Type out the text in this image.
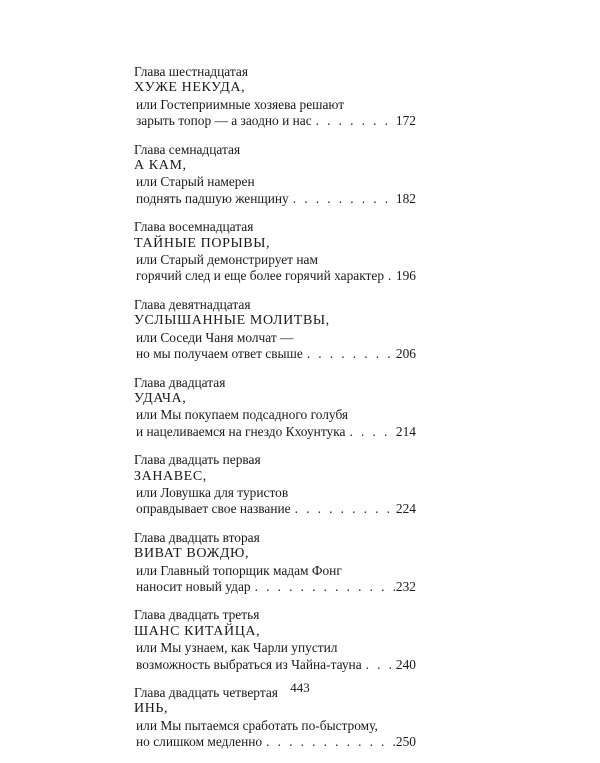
Глава шестнадцатая
ХУЖЕ НЕКУДА,
или Гостеприимные хозяева решают
зарыть топор — а заодно и нас . . .	172
Глава семнадцатая
А КАМ,
или Старый намерен
поднять падшую женщину . . .	182
Глава восемнадцатая
ТАЙНЫЕ ПОРЫВЫ,
или Старый демонстрирует нам
горячий след и еще более горячий характер . . . 196
Глава девятнадцатая
УСЛЫШАННЫЕ МОЛИТВЫ,
или Соседи Чаня молчат —
но мы получаем ответ свыше . . .	206
Глава двадцатая
УДАЧА,
или Мы покупаем подсадного голубя
и нацеливаемся на гнездо Кхоунтука . . .	214
Глава двадцать первая
ЗАНАВЕС,
или Ловушка для туристов
оправдывает свое название . . .	224
Глава двадцать вторая
ВИВАТ ВОЖДЮ,
или Главный топорщик мадам Фонг
наносит новый удар . . .	232
Глава двадцать третья
ШАНС КИТАЙЦА,
или Мы узнаем, как Чарли упустил
возможность выбраться из Чайна-тауна . . .	240
Глава двадцать четвертая
ИНЬ,
или Мы пытаемся сработать по-быстрому,
но слишком медленно . . .	250
443
